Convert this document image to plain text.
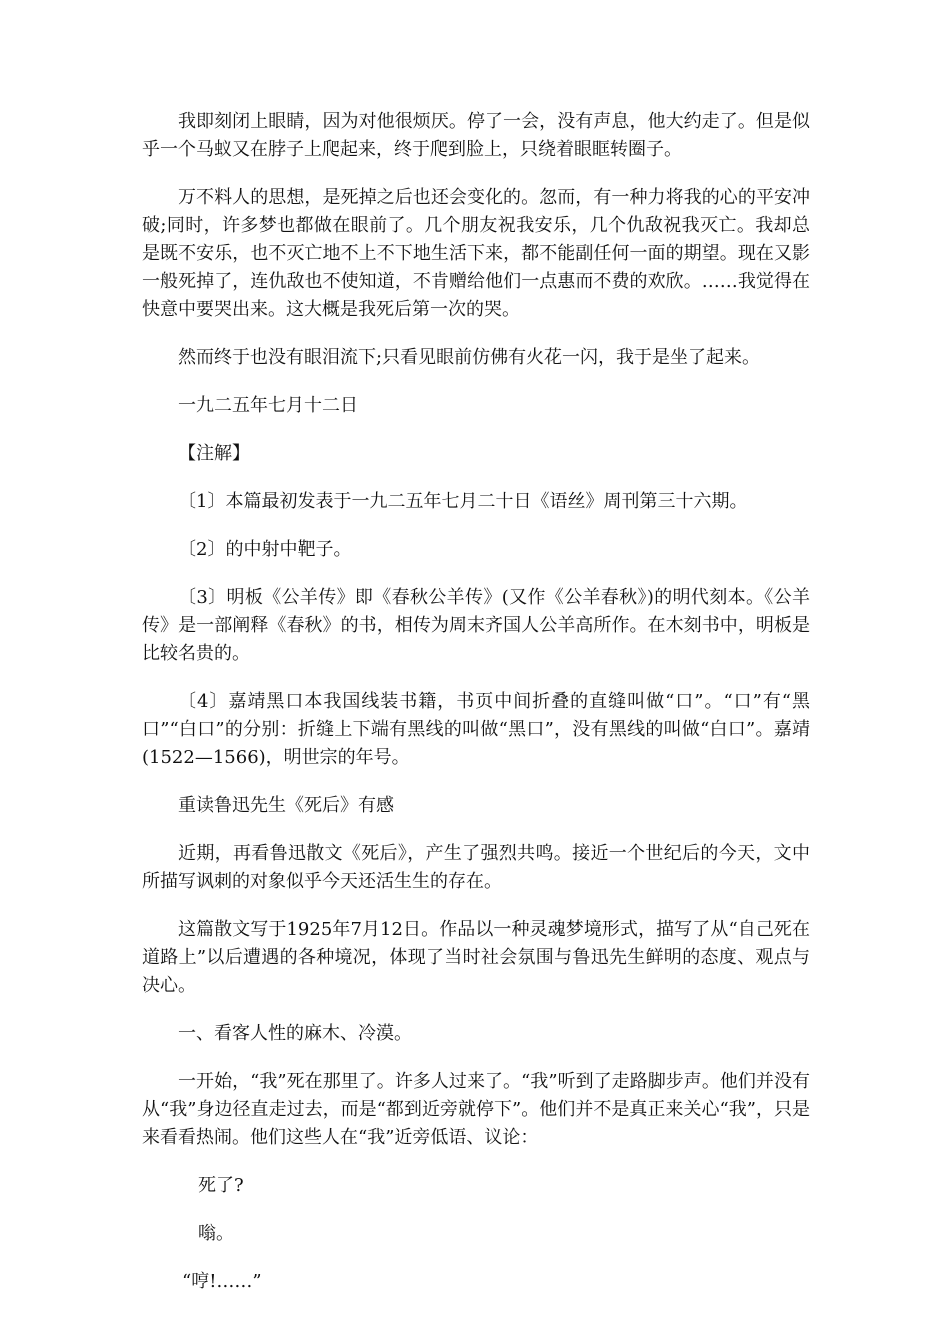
我即刻闭上眼睛，因为对他很烦厌。停了一会，没有声息，他大约走了。但是似乎一个马蚁又在脖子上爬起来，终于爬到脸上，只绕着眼眶转圈子。

万不料人的思想，是死掉之后也还会变化的。忽而，有一种力将我的心的平安冲破;同时，许多梦也都做在眼前了。几个朋友祝我安乐，几个仇敌祝我灭亡。我却总是既不安乐，也不灭亡地不上不下地生活下来，都不能副任何一面的期望。现在又影一般死掉了，连仇敌也不使知道，不肯赠给他们一点惠而不费的欢欣。……我觉得在快意中要哭出来。这大概是我死后第一次的哭。

然而终于也没有眼泪流下;只看见眼前仿佛有火花一闪，我于是坐了起来。

一九二五年七月十二日

【注解】

〔1〕本篇最初发表于一九二五年七月二十日《语丝》周刊第三十六期。

〔2〕的中射中靶子。

〔3〕明板《公羊传》即《春秋公羊传》(又作《公羊春秋》)的明代刻本。《公羊传》是一部阐释《春秋》的书，相传为周末齐国人公羊高所作。在木刻书中，明板是比较名贵的。

〔4〕嘉靖黑口本我国线装书籍，书页中间折叠的直缝叫做“口”。“口”有“黑口”“白口”的分别：折缝上下端有黑线的叫做“黑口”，没有黑线的叫做“白口”。嘉靖(1522—1566)，明世宗的年号。

重读鲁迅先生《死后》有感

近期，再看鲁迅散文《死后》，产生了强烈共鸣。接近一个世纪后的今天，文中所描写讽刺的对象似乎今天还活生生的存在。

这篇散文写于1925年7月12日。作品以一种灵魂梦境形式，描写了从“自己死在道路上”以后遭遇的各种境况，体现了当时社会氛围与鲁迅先生鲜明的态度、观点与决心。

一、看客人性的麻木、冷漠。

一开始，“我”死在那里了。许多人过来了。“我”听到了走路脚步声。他们并没有从“我”身边径直走过去，而是“都到近旁就停下”。他们并不是真正来关心“我”，只是来看看热闹。他们这些人在“我”近旁低语、议论：

死了?

嗡。

“哼!……”
